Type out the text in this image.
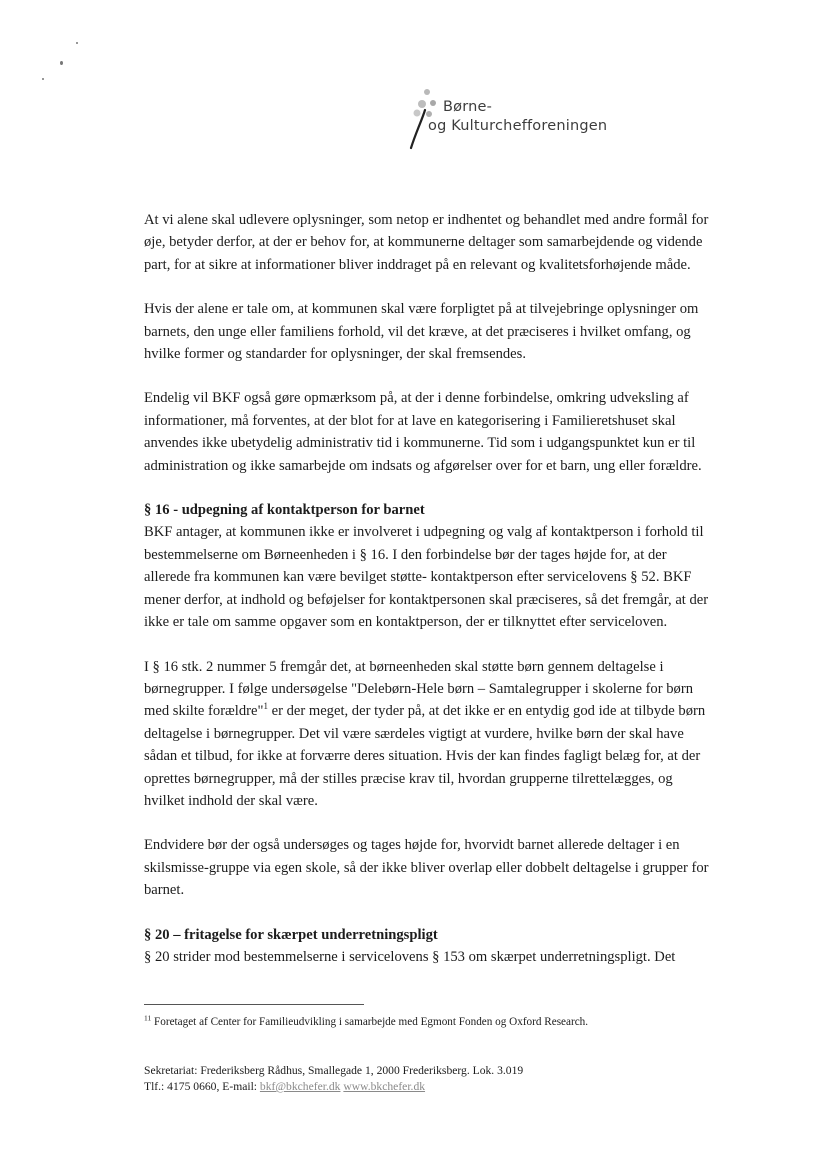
Børne-
og Kulturchefforeningen

At vi alene skal udlevere oplysninger, som netop er indhentet og behandlet med andre formål for øje, betyder derfor, at der er behov for, at kommunerne deltager som samarbejdende og vidende part, for at sikre at informationer bliver inddraget på en relevant og kvalitetsforhøjende måde.

Hvis der alene er tale om, at kommunen skal være forpligtet på at tilvejebringe oplysninger om barnets, den unge eller familiens forhold, vil det kræve, at det præciseres i hvilket omfang, og hvilke former og standarder for oplysninger, der skal fremsendes.

Endelig vil BKF også gøre opmærksom på, at der i denne forbindelse, omkring udveksling af informationer, må forventes, at der blot for at lave en kategorisering i Familieretshuset skal anvendes ikke ubetydelig administrativ tid i kommunerne. Tid som i udgangspunktet kun er til administration og ikke samarbejde om indsats og afgørelser over for et barn, ung eller forældre.

§ 16 - udpegning af kontaktperson for barnet

BKF antager, at kommunen ikke er involveret i udpegning og valg af kontaktperson i forhold til bestemmelserne om Børneenheden i § 16. I den forbindelse bør der tages højde for, at der allerede fra kommunen kan være bevilget støtte- kontaktperson efter servicelovens § 52. BKF mener derfor, at indhold og beføjelser for kontaktpersonen skal præciseres, så det fremgår, at der ikke er tale om samme opgaver som en kontaktperson, der er tilknyttet efter serviceloven.

I § 16 stk. 2 nummer 5 fremgår det, at børneenheden skal støtte børn gennem deltagelse i børnegrupper. I følge undersøgelse "Delebørn-Hele børn – Samtalegrupper i skolerne for børn med skilte forældre"$^1$ er der meget, der tyder på, at det ikke er en entydig god ide at tilbyde børn deltagelse i børnegrupper. Det vil være særdeles vigtigt at vurdere, hvilke børn der skal have sådan et tilbud, for ikke at forværre deres situation. Hvis der kan findes fagligt belæg for, at der oprettes børnegrupper, må der stilles præcise krav til, hvordan grupperne tilrettelægges, og hvilket indhold der skal være.

Endvidere bør der også undersøges og tages højde for, hvorvidt barnet allerede deltager i en skilsmisse-gruppe via egen skole, så der ikke bliver overlap eller dobbelt deltagelse i grupper for barnet.

§ 20 – fritagelse for skærpet underretningspligt

§ 20 strider mod bestemmelserne i servicelovens § 153 om skærpet underretningspligt. Det

$^{11}$ Foretaget af Center for Familieudvikling i samarbejde med Egmont Fonden og Oxford Research.
Sekretariat: Frederiksberg Rådhus, Smallegade 1, 2000 Frederiksberg. Lok. 3.019
Tlf.: 4175 0660, E-mail: bkf@bkchefer.dk www.bkchefer.dk
